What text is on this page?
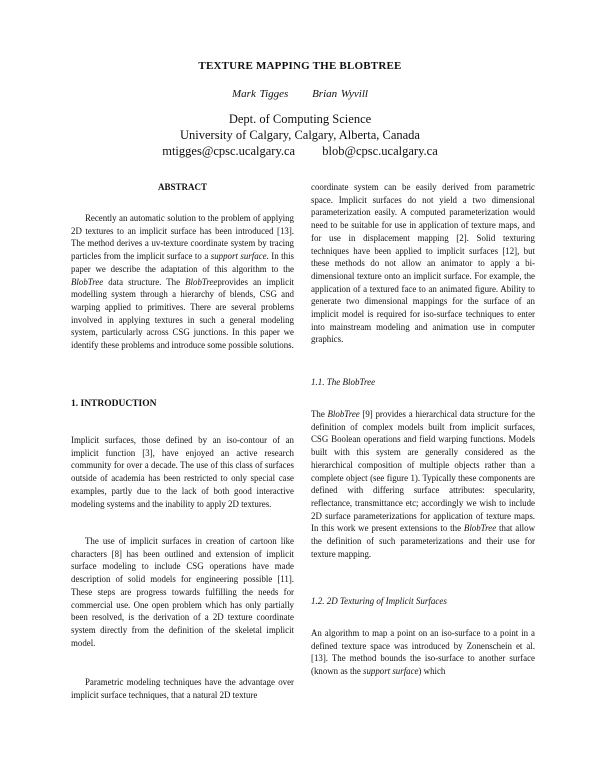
TEXTURE MAPPING THE BLOBTREE
Mark Tigges Brian Wyvill
Dept. of Computing Science
University of Calgary, Calgary, Alberta, Canada
mtigges@cpsc.ucalgary.ca blob@cpsc.ucalgary.ca
ABSTRACT

Recently an automatic solution to the problem of applying 2D textures to an implicit surface has been introduced [13]. The method derives a uv-texture coordinate system by tracing particles from the implicit surface to a support surface. In this paper we describe the adaptation of this algorithm to the BlobTree data structure. The BlobTreeprovides an implicit modelling system through a hierarchy of blends, CSG and warping applied to primitives. There are several problems involved in applying textures in such a general modeling system, particularly across CSG junctions. In this paper we identify these problems and introduce some possible solutions.

1. INTRODUCTION

Implicit surfaces, those defined by an iso-contour of an implicit function [3], have enjoyed an active research community for over a decade. The use of this class of surfaces outside of academia has been restricted to only special case examples, partly due to the lack of both good interactive modeling systems and the inability to apply 2D textures.

The use of implicit surfaces in creation of cartoon like characters [8] has been outlined and extension of implicit surface modeling to include CSG operations have made description of solid models for engineering possible [11]. These steps are progress towards fulfilling the needs for commercial use. One open problem which has only partially been resolved, is the derivation of a 2D texture coordinate system directly from the definition of the skeletal implicit model.

Parametric modeling techniques have the advantage over implicit surface techniques, that a natural 2D texture

coordinate system can be easily derived from parametric space. Implicit surfaces do not yield a two dimensional parameterization easily. A computed parameterization would need to be suitable for use in application of texture maps, and for use in displacement mapping [2]. Solid texturing techniques have been applied to implicit surfaces [12], but these methods do not allow an animator to apply a bi-dimensional texture onto an implicit surface. For example, the application of a textured face to an animated figure. Ability to generate two dimensional mappings for the surface of an implicit model is required for iso-surface techniques to enter into mainstream modeling and animation use in computer graphics.

1.1. The BlobTree

The BlobTree [9] provides a hierarchical data structure for the definition of complex models built from implicit surfaces, CSG Boolean operations and field warping functions. Models built with this system are generally considered as the hierarchical composition of multiple objects rather than a complete object (see figure 1). Typically these components are defined with differing surface attributes: specularity, reflectance, transmittance etc; accordingly we wish to include 2D surface parameterizations for application of texture maps. In this work we present extensions to the BlobTree that allow the definition of such parameterizations and their use for texture mapping.

1.2. 2D Texturing of Implicit Surfaces

An algorithm to map a point on an iso-surface to a point in a defined texture space was introduced by Zonenschein et al. [13]. The method bounds the iso-surface to another surface (known as the support surface) which
